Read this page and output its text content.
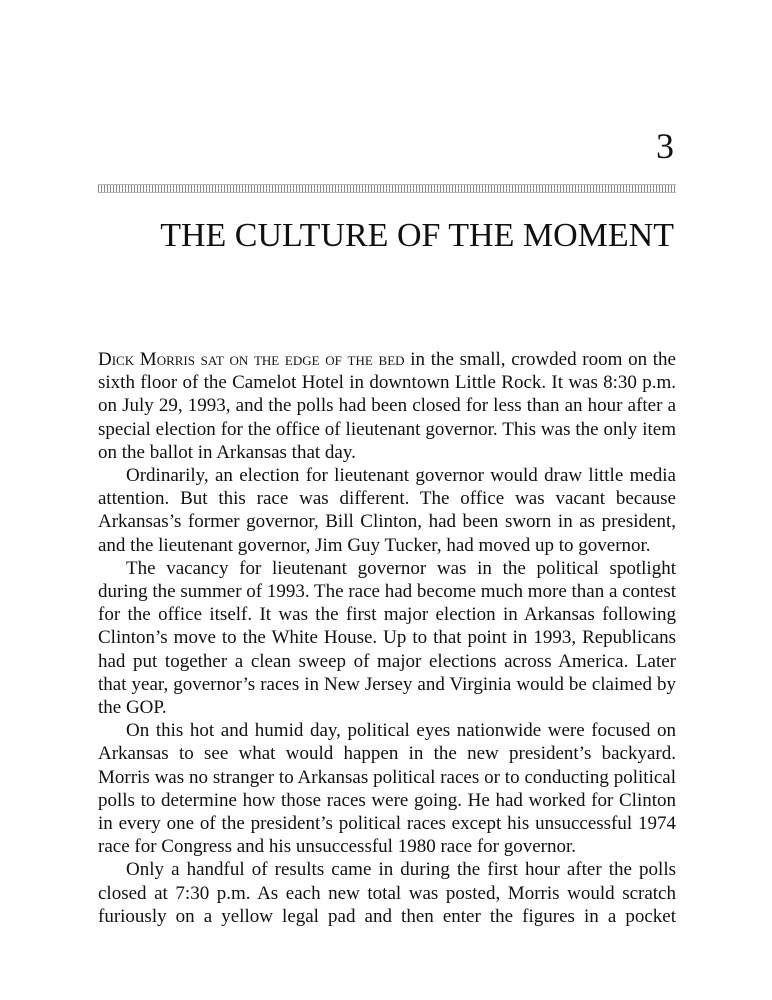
3
THE CULTURE OF THE MOMENT

Dick Morris sat on the edge of the bed in the small, crowded room on the sixth floor of the Camelot Hotel in downtown Little Rock. It was 8:30 p.m. on July 29, 1993, and the polls had been closed for less than an hour after a special election for the office of lieutenant governor. This was the only item on the ballot in Arkansas that day.

Ordinarily, an election for lieutenant governor would draw little media attention. But this race was different. The office was vacant because Arkansas’s former governor, Bill Clinton, had been sworn in as president, and the lieutenant governor, Jim Guy Tucker, had moved up to governor.

The vacancy for lieutenant governor was in the political spotlight during the summer of 1993. The race had become much more than a contest for the office itself. It was the first major election in Arkansas following Clinton’s move to the White House. Up to that point in 1993, Republicans had put together a clean sweep of major elections across America. Later that year, governor’s races in New Jersey and Virginia would be claimed by the GOP.

On this hot and humid day, political eyes nationwide were focused on Arkansas to see what would happen in the new president’s backyard. Morris was no stranger to Arkansas political races or to conducting political polls to determine how those races were going. He had worked for Clinton in every one of the president’s political races except his unsuccessful 1974 race for Congress and his unsuccessful 1980 race for governor.

Only a handful of results came in during the first hour after the polls closed at 7:30 p.m. As each new total was posted, Morris would scratch furiously on a yellow legal pad and then enter the figures in a pocket
